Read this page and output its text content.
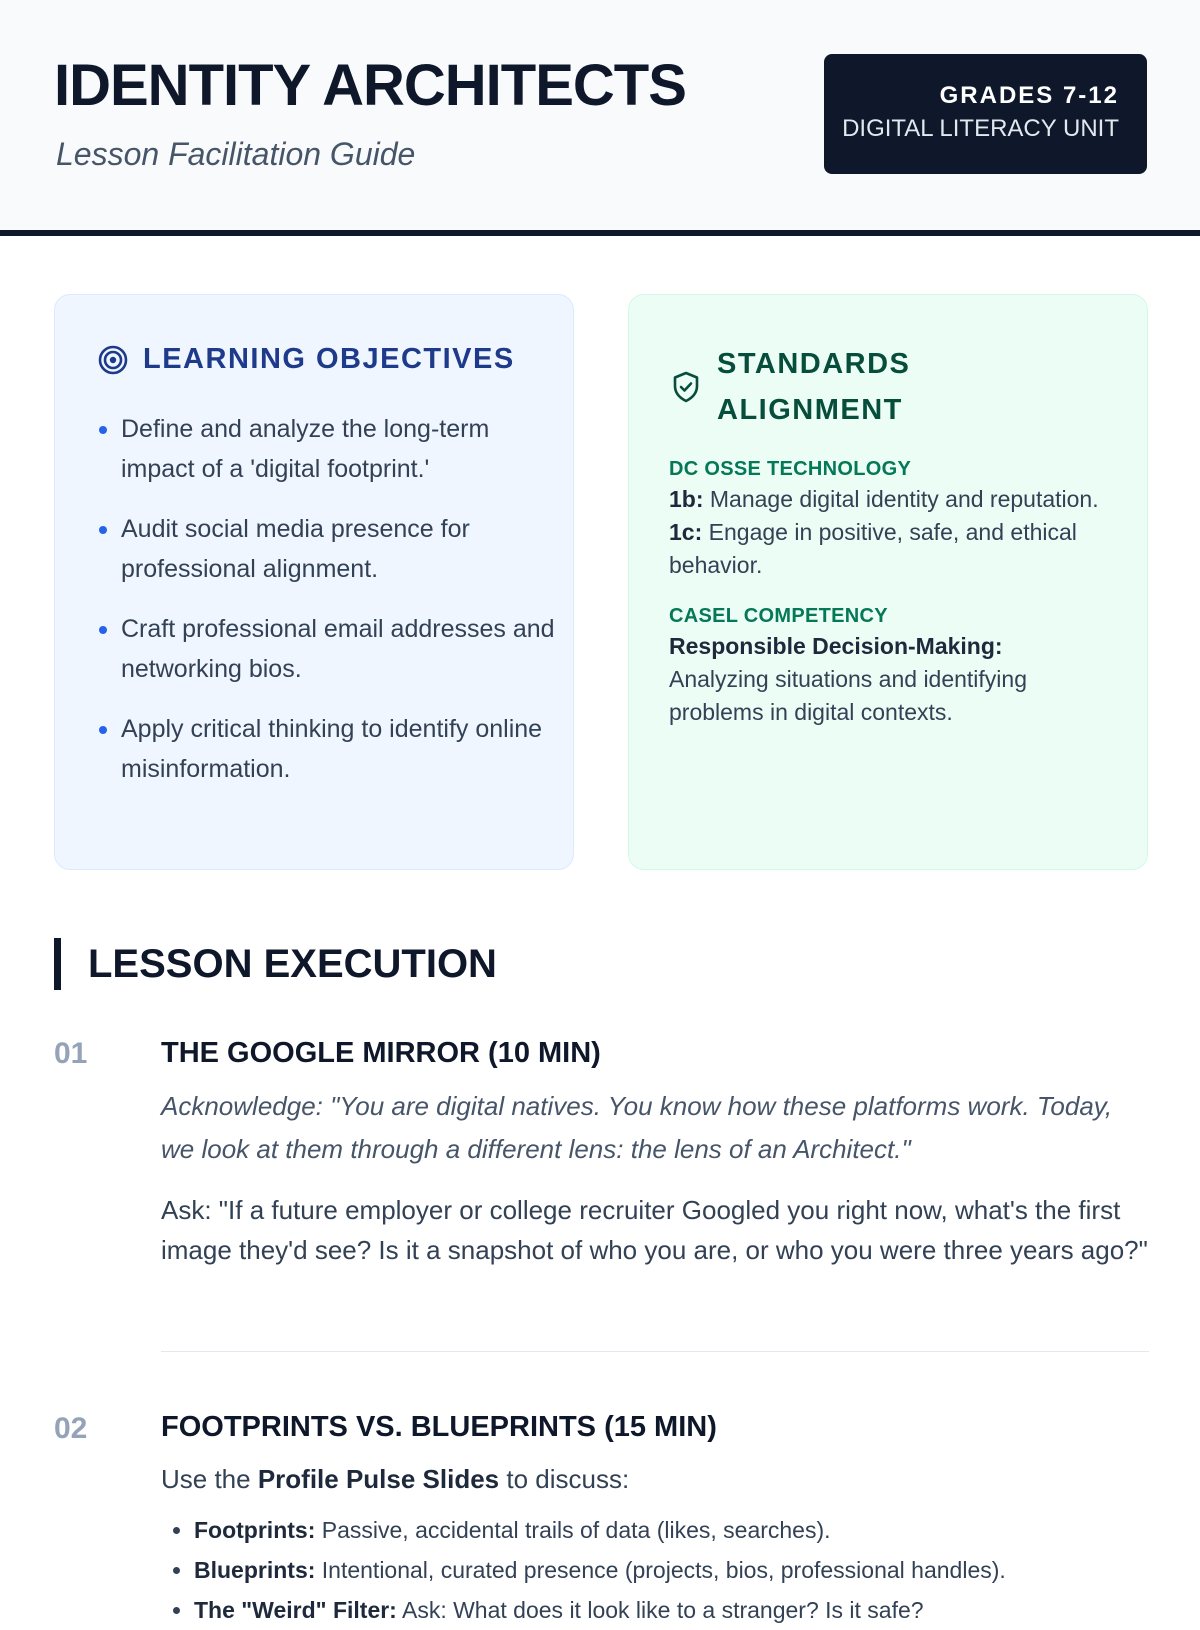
IDENTITY ARCHITECTS
Lesson Facilitation Guide
GRADES 7-12
DIGITAL LITERACY UNIT
LEARNING OBJECTIVES
Define and analyze the long-term impact of a 'digital footprint.'
Audit social media presence for professional alignment.
Craft professional email addresses and networking bios.
Apply critical thinking to identify online misinformation.
STANDARDS ALIGNMENT
DC OSSE TECHNOLOGY
1b: Manage digital identity and reputation.
1c: Engage in positive, safe, and ethical behavior.
CASEL COMPETENCY
Responsible Decision-Making:
Analyzing situations and identifying problems in digital contexts.
LESSON EXECUTION
01	THE GOOGLE MIRROR (10 MIN)
Acknowledge: "You are digital natives. You know how these platforms work. Today, we look at them through a different lens: the lens of an Architect."
Ask: "If a future employer or college recruiter Googled you right now, what's the first image they'd see? Is it a snapshot of who you are, or who you were three years ago?"
02	FOOTPRINTS VS. BLUEPRINTS (15 MIN)
Use the Profile Pulse Slides to discuss:
Footprints: Passive, accidental trails of data (likes, searches).
Blueprints: Intentional, curated presence (projects, bios, professional handles).
The "Weird" Filter: Ask: What does it look like to a stranger? Is it safe?
